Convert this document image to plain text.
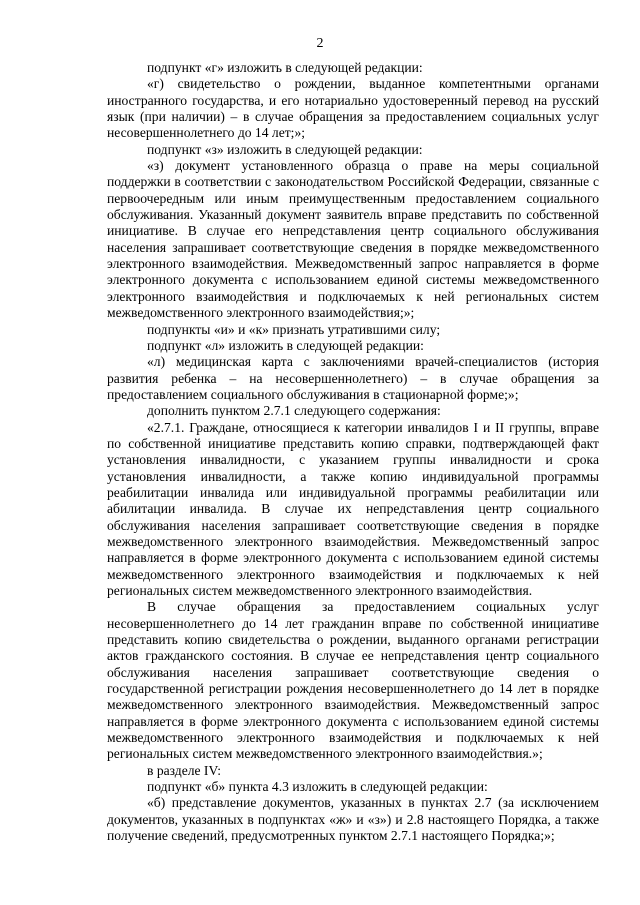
2

подпункт «г» изложить в следующей редакции:

«г) свидетельство о рождении, выданное компетентными органами иностранного государства, и его нотариально удостоверенный перевод на русский язык (при наличии) – в случае обращения за предоставлением социальных услуг несовершеннолетнего до 14 лет;»;

подпункт «з» изложить в следующей редакции:

«з) документ установленного образца о праве на меры социальной поддержки в соответствии с законодательством Российской Федерации, связанные с первоочередным или иным преимущественным предоставлением социального обслуживания. Указанный документ заявитель вправе представить по собственной инициативе. В случае его непредставления центр социального обслуживания населения запрашивает соответствующие сведения в порядке межведомственного электронного взаимодействия. Межведомственный запрос направляется в форме электронного документа с использованием единой системы межведомственного электронного взаимодействия и подключаемых к ней региональных систем межведомственного электронного взаимодействия;»;

подпункты «и» и «к» признать утратившими силу;

подпункт «л» изложить в следующей редакции:

«л) медицинская карта с заключениями врачей-специалистов (история развития ребенка – на несовершеннолетнего) – в случае обращения за предоставлением социального обслуживания в стационарной форме;»;

дополнить пунктом 2.7.1 следующего содержания:

«2.7.1. Граждане, относящиеся к категории инвалидов I и II группы, вправе по собственной инициативе представить копию справки, подтверждающей факт установления инвалидности, с указанием группы инвалидности и срока установления инвалидности, а также копию индивидуальной программы реабилитации инвалида или индивидуальной программы реабилитации или абилитации инвалида. В случае их непредставления центр социального обслуживания населения запрашивает соответствующие сведения в порядке межведомственного электронного взаимодействия. Межведомственный запрос направляется в форме электронного документа с использованием единой системы межведомственного электронного взаимодействия и подключаемых к ней региональных систем межведомственного электронного взаимодействия.

В случае обращения за предоставлением социальных услуг несовершеннолетнего до 14 лет гражданин вправе по собственной инициативе представить копию свидетельства о рождении, выданного органами регистрации актов гражданского состояния. В случае ее непредставления центр социального обслуживания населения запрашивает соответствующие сведения о государственной регистрации рождения несовершеннолетнего до 14 лет в порядке межведомственного электронного взаимодействия. Межведомственный запрос направляется в форме электронного документа с использованием единой системы межведомственного электронного взаимодействия и подключаемых к ней региональных систем межведомственного электронного взаимодействия.»;

в разделе IV:

подпункт «б» пункта 4.3 изложить в следующей редакции:

«б) представление документов, указанных в пунктах 2.7 (за исключением документов, указанных в подпунктах «ж» и «з») и 2.8 настоящего Порядка, а также получение сведений, предусмотренных пунктом 2.7.1 настоящего Порядка;»;
